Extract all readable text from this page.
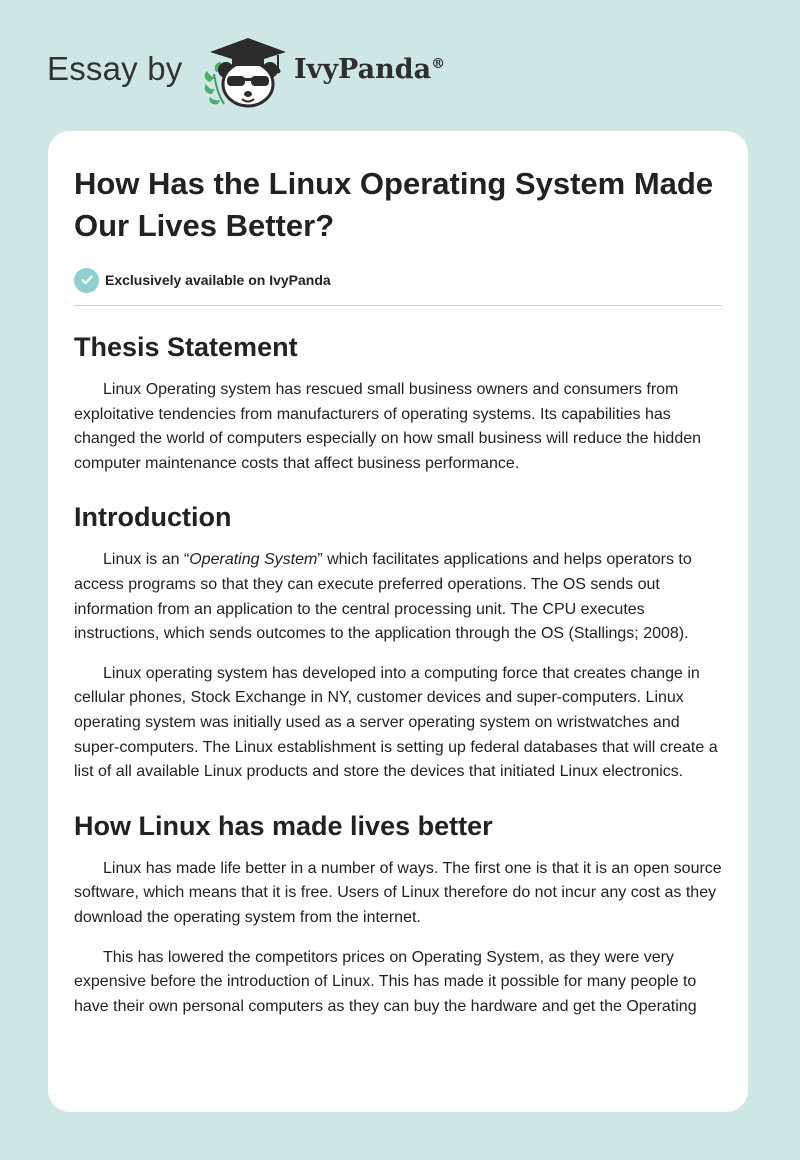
Essay by	IvyPanda®
How Has the Linux Operating System Made Our Lives Better?
Exclusively available on IvyPanda
Thesis Statement

Linux Operating system has rescued small business owners and consumers from exploitative tendencies from manufacturers of operating systems. Its capabilities has changed the world of computers especially on how small business will reduce the hidden computer maintenance costs that affect business performance.

Introduction

Linux is an “Operating System” which facilitates applications and helps operators to access programs so that they can execute preferred operations. The OS sends out information from an application to the central processing unit. The CPU executes instructions, which sends outcomes to the application through the OS (Stallings; 2008).

Linux operating system has developed into a computing force that creates change in cellular phones, Stock Exchange in NY, customer devices and super-computers. Linux operating system was initially used as a server operating system on wristwatches and super-computers. The Linux establishment is setting up federal databases that will create a list of all available Linux products and store the devices that initiated Linux electronics.

How Linux has made lives better

Linux has made life better in a number of ways. The first one is that it is an open source software, which means that it is free. Users of Linux therefore do not incur any cost as they download the operating system from the internet.

This has lowered the competitors prices on Operating System, as they were very expensive before the introduction of Linux. This has made it possible for many people to have their own personal computers as they can buy the hardware and get the Operating
